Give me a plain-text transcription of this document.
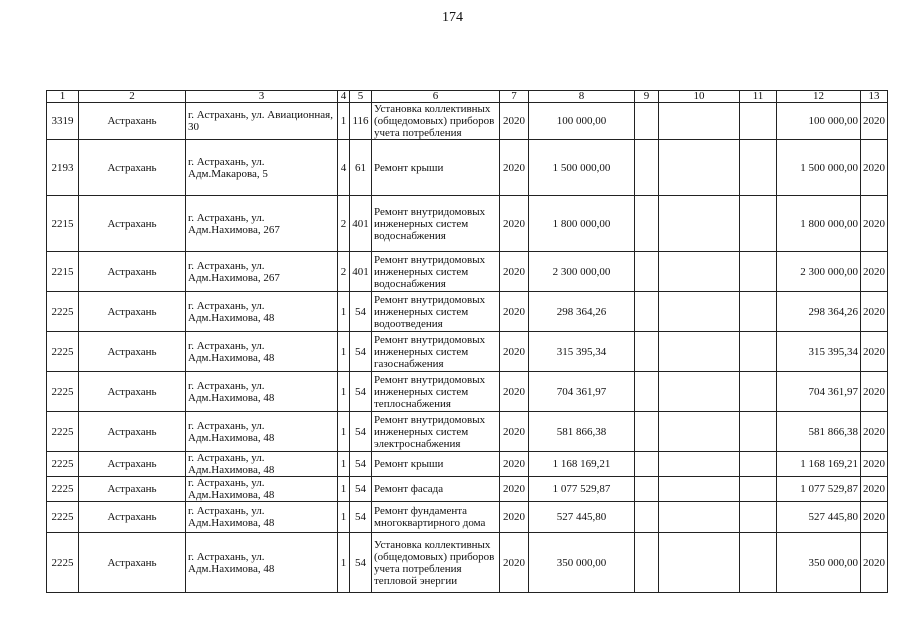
174
1	2	3	4	5	6	7	8	9	10	11	12	13
3319	Астрахань	г. Астрахань, ул. Авиационная, 30	1	116	Установка коллективных (общедомовых) приборов учета потребления	2020	100 000,00				100 000,00	2020
2193	Астрахань	г. Астрахань, ул. Адм.Макарова, 5	4	61	Ремонт крыши	2020	1 500 000,00				1 500 000,00	2020
2215	Астрахань	г. Астрахань, ул. Адм.Нахимова, 267	2	401	Ремонт внутридомовых инженерных систем водоснабжения	2020	1 800 000,00				1 800 000,00	2020
2215	Астрахань	г. Астрахань, ул. Адм.Нахимова, 267	2	401	Ремонт внутридомовых инженерных систем водоснабжения	2020	2 300 000,00				2 300 000,00	2020
2225	Астрахань	г. Астрахань, ул. Адм.Нахимова, 48	1	54	Ремонт внутридомовых инженерных систем водоотведения	2020	298 364,26				298 364,26	2020
2225	Астрахань	г. Астрахань, ул. Адм.Нахимова, 48	1	54	Ремонт внутридомовых инженерных систем газоснабжения	2020	315 395,34				315 395,34	2020
2225	Астрахань	г. Астрахань, ул. Адм.Нахимова, 48	1	54	Ремонт внутридомовых инженерных систем теплоснабжения	2020	704 361,97				704 361,97	2020
2225	Астрахань	г. Астрахань, ул. Адм.Нахимова, 48	1	54	Ремонт внутридомовых инженерных систем электроснабжения	2020	581 866,38				581 866,38	2020
2225	Астрахань	г. Астрахань, ул. Адм.Нахимова, 48	1	54	Ремонт крыши	2020	1 168 169,21				1 168 169,21	2020
2225	Астрахань	г. Астрахань, ул. Адм.Нахимова, 48	1	54	Ремонт фасада	2020	1 077 529,87				1 077 529,87	2020
2225	Астрахань	г. Астрахань, ул. Адм.Нахимова, 48	1	54	Ремонт фундамента многоквартирного дома	2020	527 445,80				527 445,80	2020
2225	Астрахань	г. Астрахань, ул. Адм.Нахимова, 48	1	54	Установка коллективных (общедомовых) приборов учета потребления тепловой энергии	2020	350 000,00				350 000,00	2020
